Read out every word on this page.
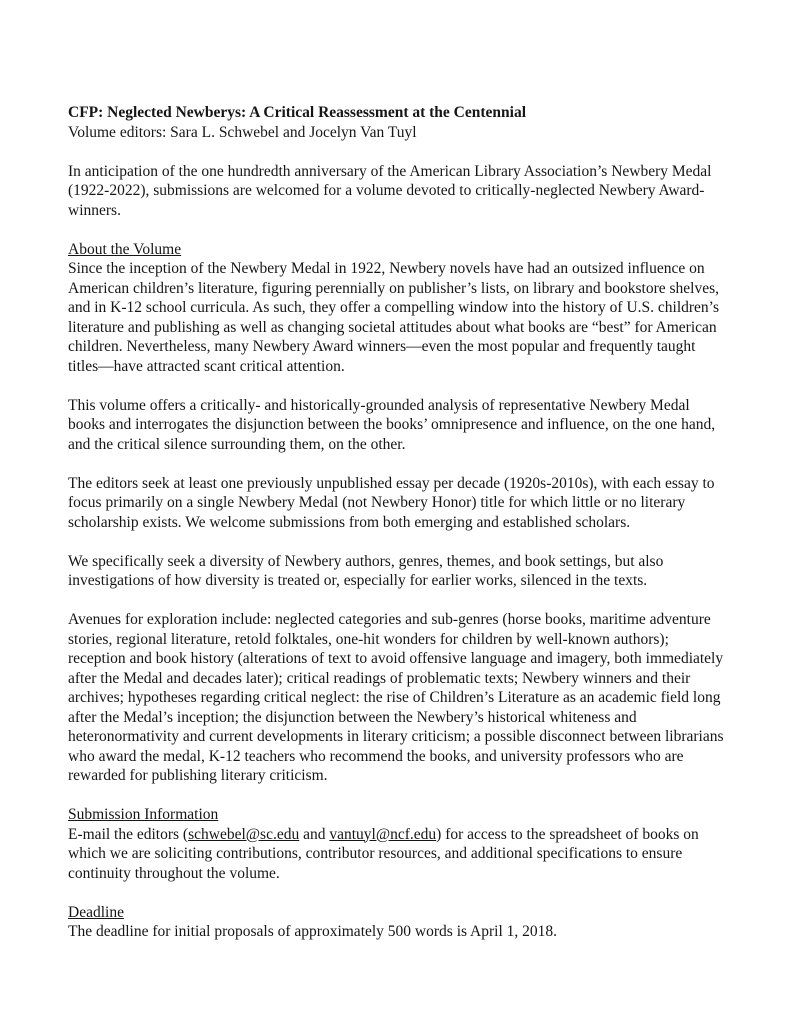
CFP: Neglected Newberys: A Critical Reassessment at the Centennial

Volume editors: Sara L. Schwebel and Jocelyn Van Tuyl

In anticipation of the one hundredth anniversary of the American Library Association’s Newbery Medal (1922-2022), submissions are welcomed for a volume devoted to critically-neglected Newbery Award-winners.

About the Volume

Since the inception of the Newbery Medal in 1922, Newbery novels have had an outsized influence on American children’s literature, figuring perennially on publisher’s lists, on library and bookstore shelves, and in K-12 school curricula. As such, they offer a compelling window into the history of U.S. children’s literature and publishing as well as changing societal attitudes about what books are “best” for American children. Nevertheless, many Newbery Award winners—even the most popular and frequently taught titles—have attracted scant critical attention.

This volume offers a critically- and historically-grounded analysis of representative Newbery Medal books and interrogates the disjunction between the books’ omnipresence and influence, on the one hand, and the critical silence surrounding them, on the other.

The editors seek at least one previously unpublished essay per decade (1920s-2010s), with each essay to focus primarily on a single Newbery Medal (not Newbery Honor) title for which little or no literary scholarship exists. We welcome submissions from both emerging and established scholars.

We specifically seek a diversity of Newbery authors, genres, themes, and book settings, but also investigations of how diversity is treated or, especially for earlier works, silenced in the texts.

Avenues for exploration include: neglected categories and sub-genres (horse books, maritime adventure stories, regional literature, retold folktales, one-hit wonders for children by well-known authors); reception and book history (alterations of text to avoid offensive language and imagery, both immediately after the Medal and decades later); critical readings of problematic texts; Newbery winners and their archives; hypotheses regarding critical neglect: the rise of Children’s Literature as an academic field long after the Medal’s inception; the disjunction between the Newbery’s historical whiteness and heteronormativity and current developments in literary criticism; a possible disconnect between librarians who award the medal, K-12 teachers who recommend the books, and university professors who are rewarded for publishing literary criticism.

Submission Information

E-mail the editors (schwebel@sc.edu and vantuyl@ncf.edu) for access to the spreadsheet of books on which we are soliciting contributions, contributor resources, and additional specifications to ensure continuity throughout the volume.

Deadline

The deadline for initial proposals of approximately 500 words is April 1, 2018.
